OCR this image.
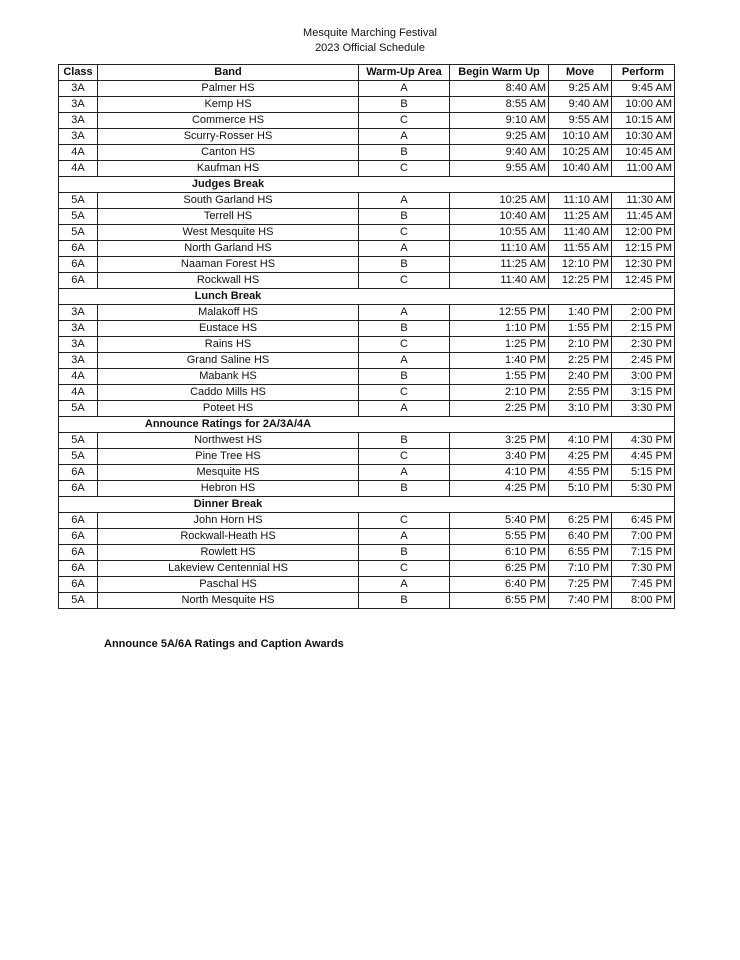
Mesquite Marching Festival
2023 Official Schedule
Class	Band	Warm-Up Area	Begin Warm Up	Move	Perform
3A	Palmer HS	A	8:40 AM	9:25 AM	9:45 AM
3A	Kemp HS	B	8:55 AM	9:40 AM	10:00 AM
3A	Commerce HS	C	9:10 AM	9:55 AM	10:15 AM
3A	Scurry-Rosser HS	A	9:25 AM	10:10 AM	10:30 AM
4A	Canton HS	B	9:40 AM	10:25 AM	10:45 AM
4A	Kaufman HS	C	9:55 AM	10:40 AM	11:00 AM
	Judges Break				
5A	South Garland HS	A	10:25 AM	11:10 AM	11:30 AM
5A	Terrell HS	B	10:40 AM	11:25 AM	11:45 AM
5A	West Mesquite HS	C	10:55 AM	11:40 AM	12:00 PM
6A	North Garland HS	A	11:10 AM	11:55 AM	12:15 PM
6A	Naaman Forest HS	B	11:25 AM	12:10 PM	12:30 PM
6A	Rockwall HS	C	11:40 AM	12:25 PM	12:45 PM
	Lunch Break				
3A	Malakoff HS	A	12:55 PM	1:40 PM	2:00 PM
3A	Eustace HS	B	1:10 PM	1:55 PM	2:15 PM
3A	Rains HS	C	1:25 PM	2:10 PM	2:30 PM
3A	Grand Saline HS	A	1:40 PM	2:25 PM	2:45 PM
4A	Mabank HS	B	1:55 PM	2:40 PM	3:00 PM
4A	Caddo Mills HS	C	2:10 PM	2:55 PM	3:15 PM
5A	Poteet HS	A	2:25 PM	3:10 PM	3:30 PM
	Announce Ratings for 2A/3A/4A				
5A	Northwest HS	B	3:25 PM	4:10 PM	4:30 PM
5A	Pine Tree HS	C	3:40 PM	4:25 PM	4:45 PM
6A	Mesquite HS	A	4:10 PM	4:55 PM	5:15 PM
6A	Hebron HS	B	4:25 PM	5:10 PM	5:30 PM
	Dinner Break				
6A	John Horn HS	C	5:40 PM	6:25 PM	6:45 PM
6A	Rockwall-Heath HS	A	5:55 PM	6:40 PM	7:00 PM
6A	Rowlett HS	B	6:10 PM	6:55 PM	7:15 PM
6A	Lakeview Centennial HS	C	6:25 PM	7:10 PM	7:30 PM
6A	Paschal HS	A	6:40 PM	7:25 PM	7:45 PM
5A	North Mesquite HS	B	6:55 PM	7:40 PM	8:00 PM
Announce 5A/6A Ratings and Caption Awards
